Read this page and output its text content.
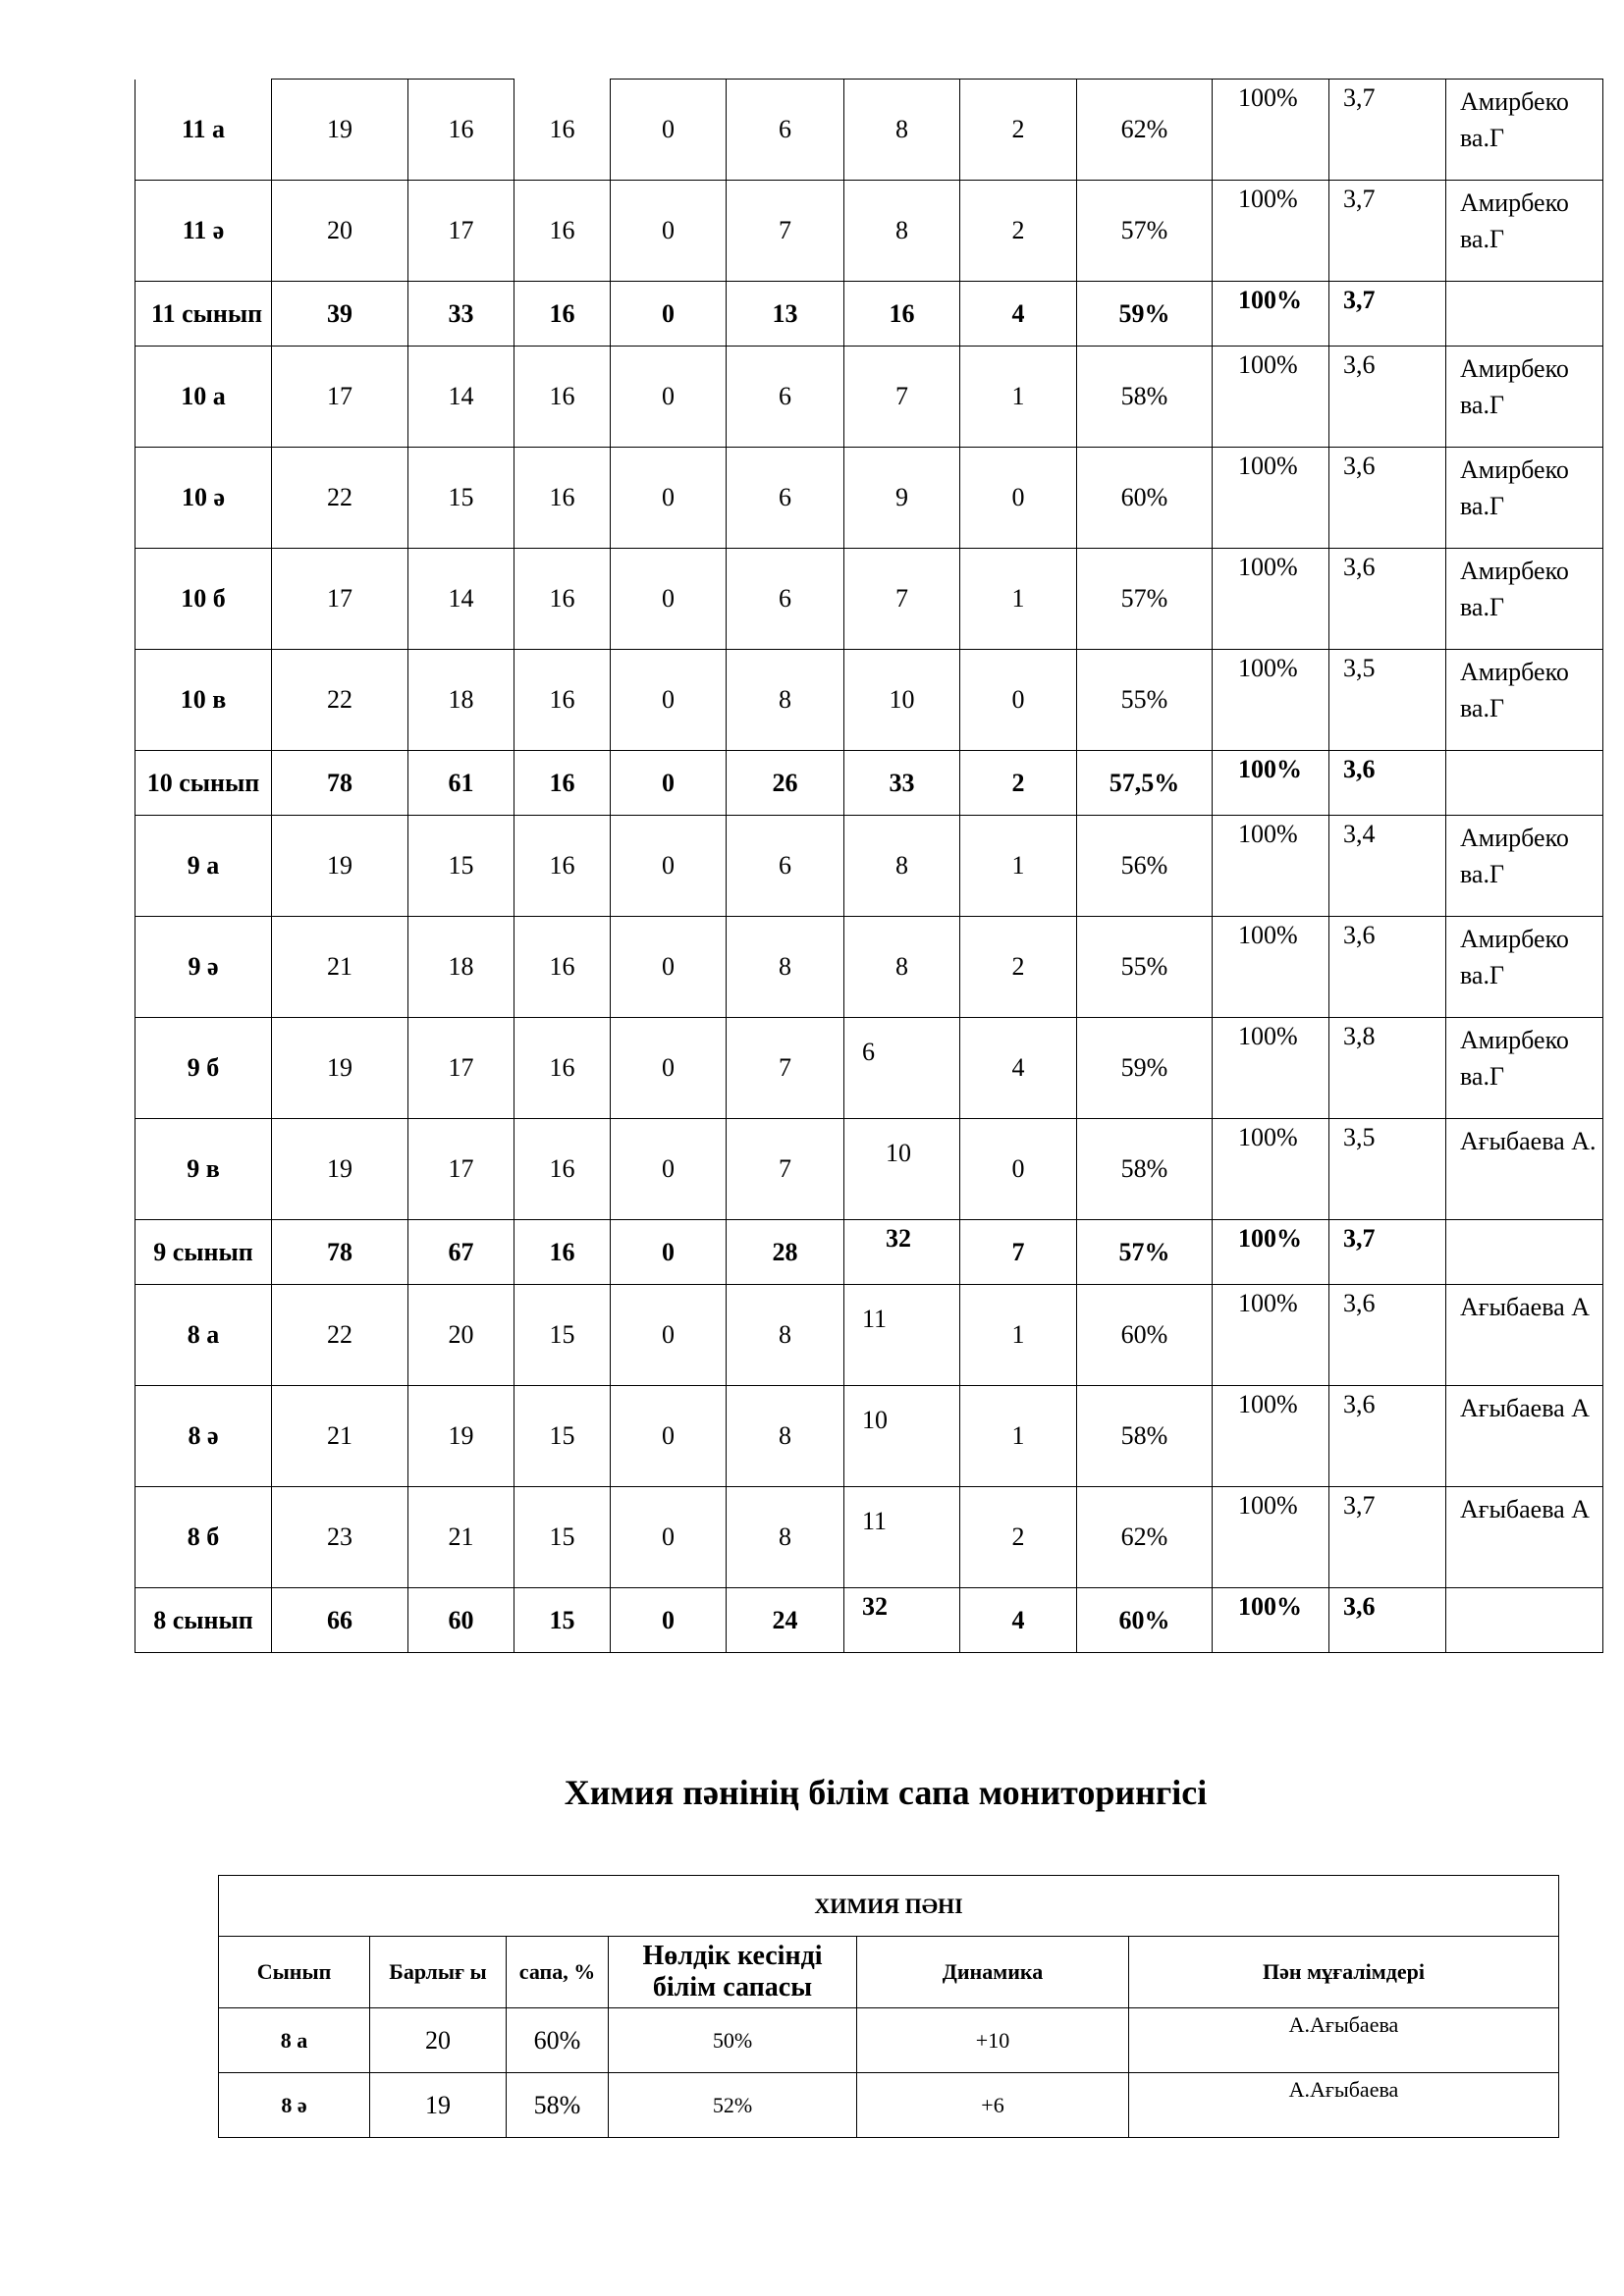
11 а	19	16	16	0	6	8	2	62%	100%	3,7	Амирбеко ва.Г
11 ә	20	17	16	0	7	8	2	57%	100%	3,7	Амирбеко ва.Г
11 сынып	39	33	16	0	13	16	4	59%	100%	3,7	
10 а	17	14	16	0	6	7	1	58%	100%	3,6	Амирбеко ва.Г
10 ә	22	15	16	0	6	9	0	60%	100%	3,6	Амирбеко ва.Г
10 б	17	14	16	0	6	7	1	57%	100%	3,6	Амирбеко ва.Г
10 в	22	18	16	0	8	10	0	55%	100%	3,5	Амирбеко ва.Г
10 сынып	78	61	16	0	26	33	2	57,5%	100%	3,6	
9 а	19	15	16	0	6	8	1	56%	100%	3,4	Амирбеко ва.Г
9 ә	21	18	16	0	8	8	2	55%	100%	3,6	Амирбеко ва.Г
9 б	19	17	16	0	7	6	4	59%	100%	3,8	Амирбеко ва.Г
9 в	19	17	16	0	7	10	0	58%	100%	3,5	Ағыбаева А.
9 сынып	78	67	16	0	28	32	7	57%	100%	3,7	
8 а	22	20	15	0	8	11	1	60%	100%	3,6	Ағыбаева А
8 ә	21	19	15	0	8	10	1	58%	100%	3,6	Ағыбаева А
8 б	23	21	15	0	8	11	2	62%	100%	3,7	Ағыбаева А
8 сынып	66	60	15	0	24	32	4	60%	100%	3,6	
Химия пәнінің білім сапа мониторингісі
ХИМИЯ ПӘНІ					
Сынып	Барлығ ы	сапа, %	Нөлдік кесінді білім сапасы	Динамика	Пән мұғалімдері
8 а	20	60%	50%	+10	А.Ағыбаева
8 ә	19	58%	52%	+6	А.Ағыбаева
